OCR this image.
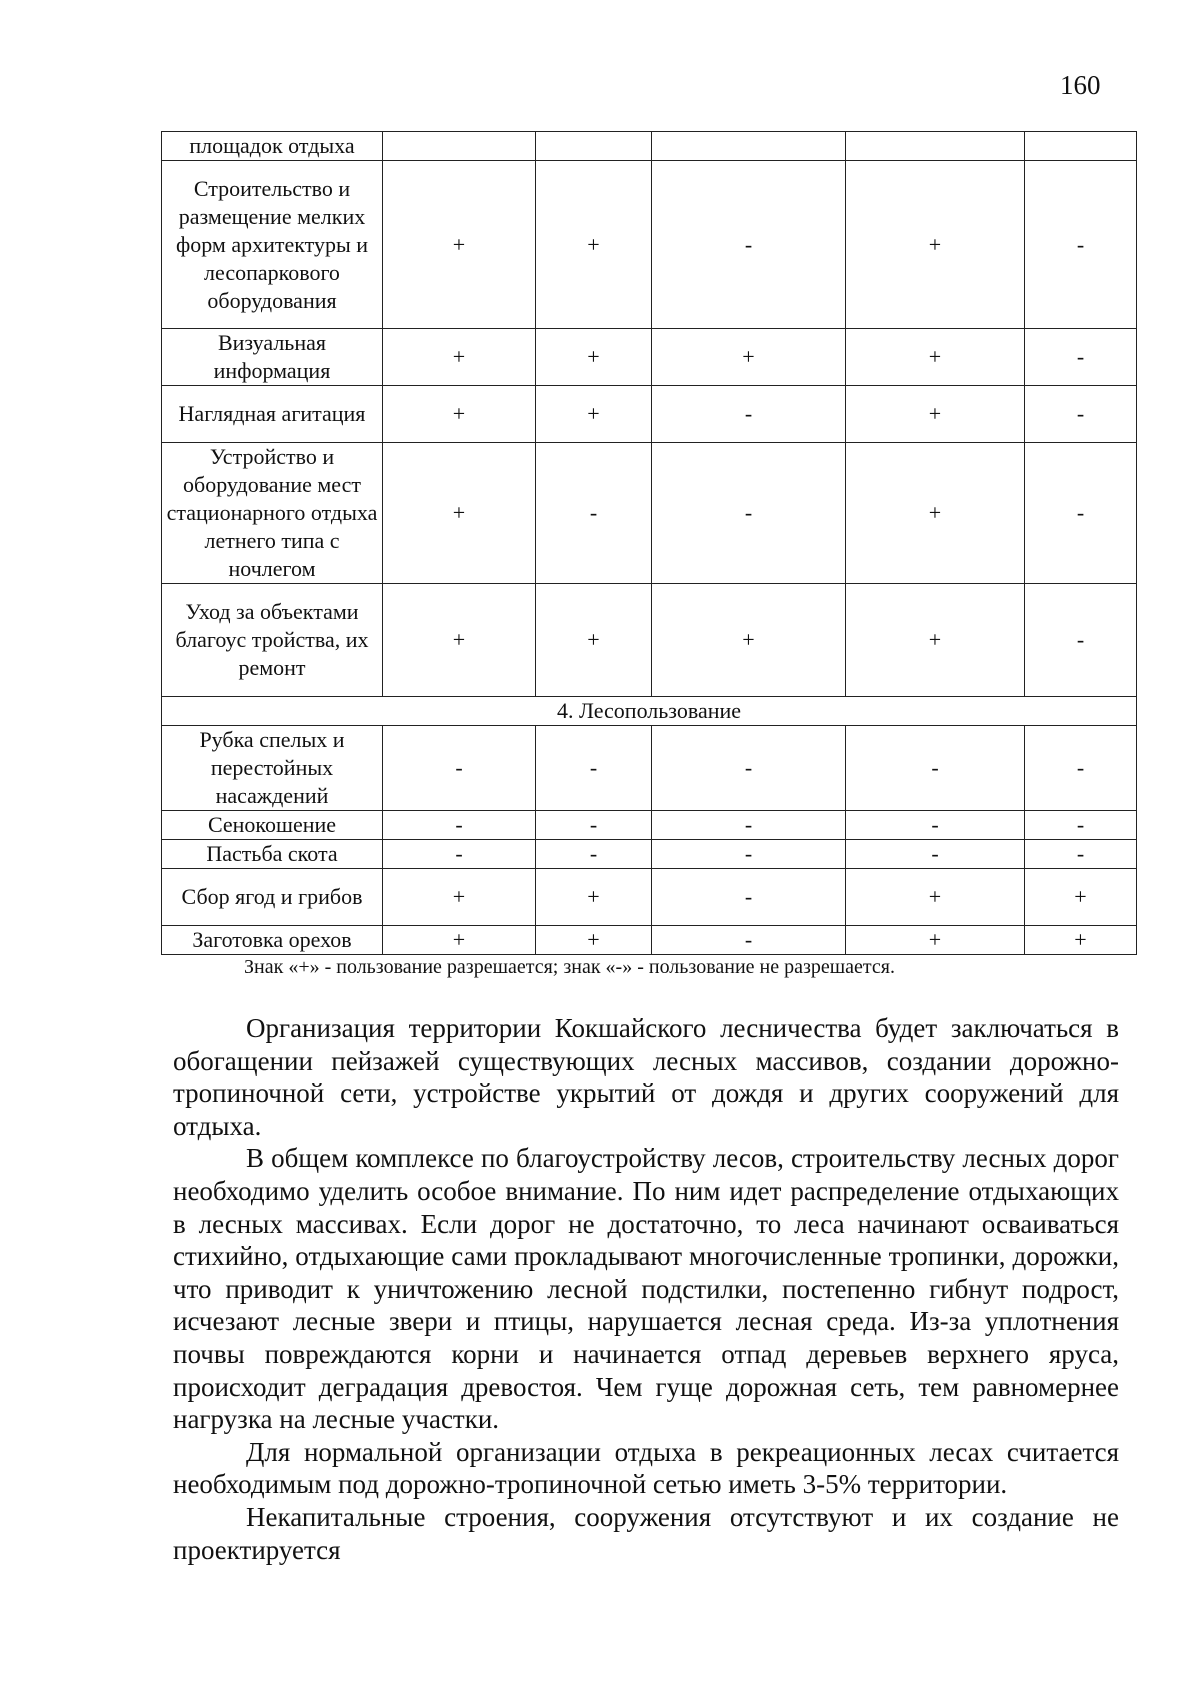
160
площадок отдыха					
Строительство и размещение мелких форм архитектуры и лесопаркового оборудования	+	+	-	+	-
Визуальная информация	+	+	+	+	-
Наглядная агитация	+	+	-	+	-
Устройство и оборудование мест стационарного отдыха летнего типа с ночлегом	+	-	-	+	-
Уход за объектами благоус тройства, их ремонт	+	+	+	+	-
4. Лесопользование					
Рубка спелых и перестойных насаждений	-	-	-	-	-
Сенокошение	-	-	-	-	-
Пастьба скота	-	-	-	-	-
Сбор ягод и грибов	+	+	-	+	+
Заготовка орехов	+	+	-	+	+
Знак «+» - пользование разрешается; знак «-» - пользование не разрешается.

Организация территории Кокшайского лесничества будет заключаться в обогащении пейзажей существующих лесных массивов, создании дорожно-тропиночной сети, устройстве укрытий от дождя и других сооружений для отдыха.

В общем комплексе по благоустройству лесов, строительству лесных дорог необходимо уделить особое внимание. По ним идет распределение отдыхающих в лесных массивах. Если дорог не достаточно, то леса начинают осваиваться стихийно, отдыхающие сами прокладывают многочисленные тропинки, дорожки, что приводит к уничтожению лесной подстилки, постепенно гибнут подрост, исчезают лесные звери и птицы, нарушается лесная среда. Из-за уплотнения почвы повреждаются корни и начинается отпад деревьев верхнего яруса, происходит деградация древостоя. Чем гуще дорожная сеть, тем равномернее нагрузка на лесные участки.

Для нормальной организации отдыха в рекреационных лесах считается необходимым под дорожно-тропиночной сетью иметь 3-5% территории.

Некапитальные строения, сооружения отсутствуют и их создание не проектируется
